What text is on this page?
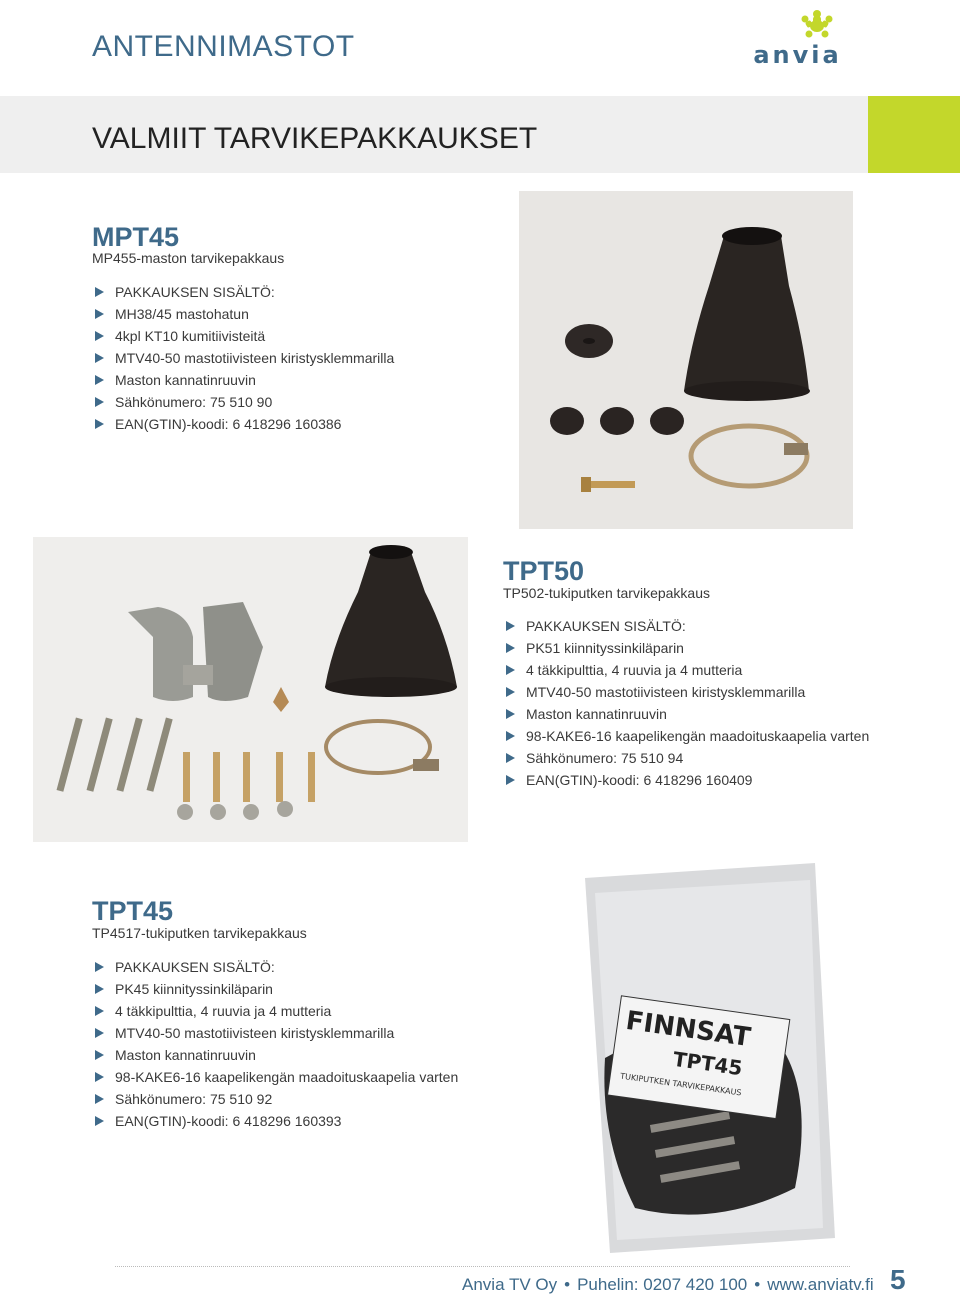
ANTENNIMASTOT	anvia
VALMIIT TARVIKEPAKKAUKSET
MPT45
MP455-maston tarvikepakkaus
PAKKAUKSEN SISÄLTÖ:
MH38/45 mastohatun
4kpl KT10 kumitiivisteitä
MTV40-50 mastotiivisteen kiristysklemmarilla
Maston kannatinruuvin
Sähkönumero: 75 510 90
EAN(GTIN)-koodi: 6 418296 160386
TPT50
TP502-tukiputken tarvikepakkaus
PAKKAUKSEN SISÄLTÖ:
PK51 kiinnityssinkiläparin
4 täkkipulttia, 4 ruuvia ja 4 mutteria
MTV40-50 mastotiivisteen kiristysklemmarilla
Maston kannatinruuvin
98-KAKE6-16 kaapelikengän maadoituskaapelia varten
Sähkönumero: 75 510 94
EAN(GTIN)-koodi: 6 418296 160409
TPT45
TP4517-tukiputken tarvikepakkaus
PAKKAUKSEN SISÄLTÖ:
PK45 kiinnityssinkiläparin
4 täkkipulttia, 4 ruuvia ja 4 mutteria
MTV40-50 mastotiivisteen kiristysklemmarilla
Maston kannatinruuvin
98-KAKE6-16 kaapelikengän maadoituskaapelia varten
Sähkönumero: 75 510 92
EAN(GTIN)-koodi: 6 418296 160393
FINNSAT
TPT45
TUKIPUTKEN TARVIKEPAKKAUS
Anvia TV Oy • Puhelin: 0207 420 100 • www.anviatv.fi 5
